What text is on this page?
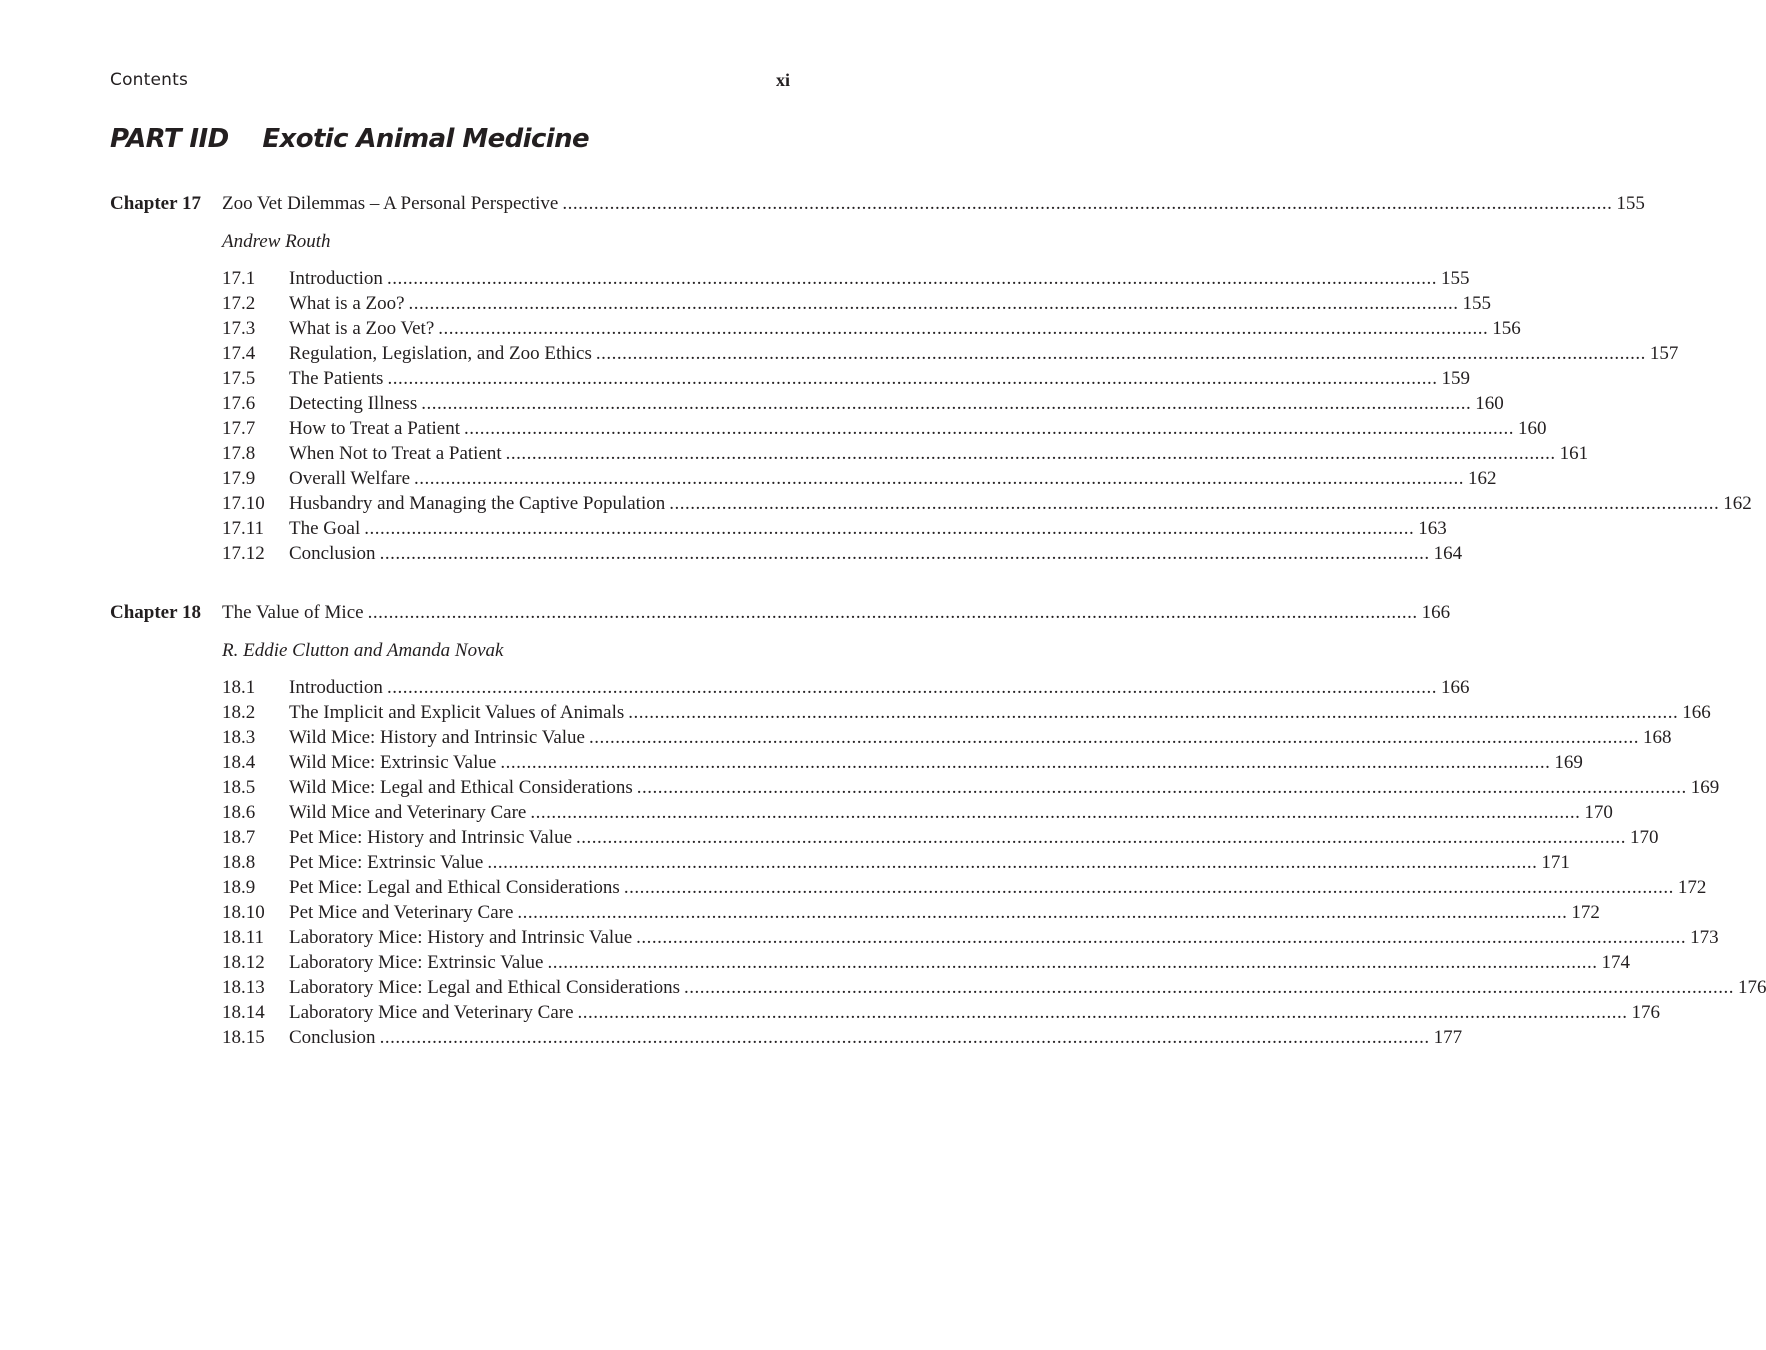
Contents	xi
PART IID Exotic Animal Medicine
Chapter 17 Zoo Vet Dilemmas – A Personal Perspective ........................................................................................................................................................................................................ 155
Andrew Routh
17.1 Introduction ........................................................................................................................................................................................................ 155
17.2 What is a Zoo? ........................................................................................................................................................................................................ 155
17.3 What is a Zoo Vet? ........................................................................................................................................................................................................ 156
17.4 Regulation, Legislation, and Zoo Ethics ........................................................................................................................................................................................................ 157
17.5 The Patients ........................................................................................................................................................................................................ 159
17.6 Detecting Illness ........................................................................................................................................................................................................ 160
17.7 How to Treat a Patient ........................................................................................................................................................................................................ 160
17.8 When Not to Treat a Patient ........................................................................................................................................................................................................ 161
17.9 Overall Welfare ........................................................................................................................................................................................................ 162
17.10 Husbandry and Managing the Captive Population ........................................................................................................................................................................................................ 162
17.11 The Goal ........................................................................................................................................................................................................ 163
17.12 Conclusion ........................................................................................................................................................................................................ 164
Chapter 18 The Value of Mice ........................................................................................................................................................................................................ 166
R. Eddie Clutton and Amanda Novak
18.1 Introduction ........................................................................................................................................................................................................ 166
18.2 The Implicit and Explicit Values of Animals ........................................................................................................................................................................................................ 166
18.3 Wild Mice: History and Intrinsic Value ........................................................................................................................................................................................................ 168
18.4 Wild Mice: Extrinsic Value ........................................................................................................................................................................................................ 169
18.5 Wild Mice: Legal and Ethical Considerations ........................................................................................................................................................................................................ 169
18.6 Wild Mice and Veterinary Care ........................................................................................................................................................................................................ 170
18.7 Pet Mice: History and Intrinsic Value ........................................................................................................................................................................................................ 170
18.8 Pet Mice: Extrinsic Value ........................................................................................................................................................................................................ 171
18.9 Pet Mice: Legal and Ethical Considerations ........................................................................................................................................................................................................ 172
18.10 Pet Mice and Veterinary Care ........................................................................................................................................................................................................ 172
18.11 Laboratory Mice: History and Intrinsic Value ........................................................................................................................................................................................................ 173
18.12 Laboratory Mice: Extrinsic Value ........................................................................................................................................................................................................ 174
18.13 Laboratory Mice: Legal and Ethical Considerations ........................................................................................................................................................................................................ 176
18.14 Laboratory Mice and Veterinary Care ........................................................................................................................................................................................................ 176
18.15 Conclusion ........................................................................................................................................................................................................ 177
